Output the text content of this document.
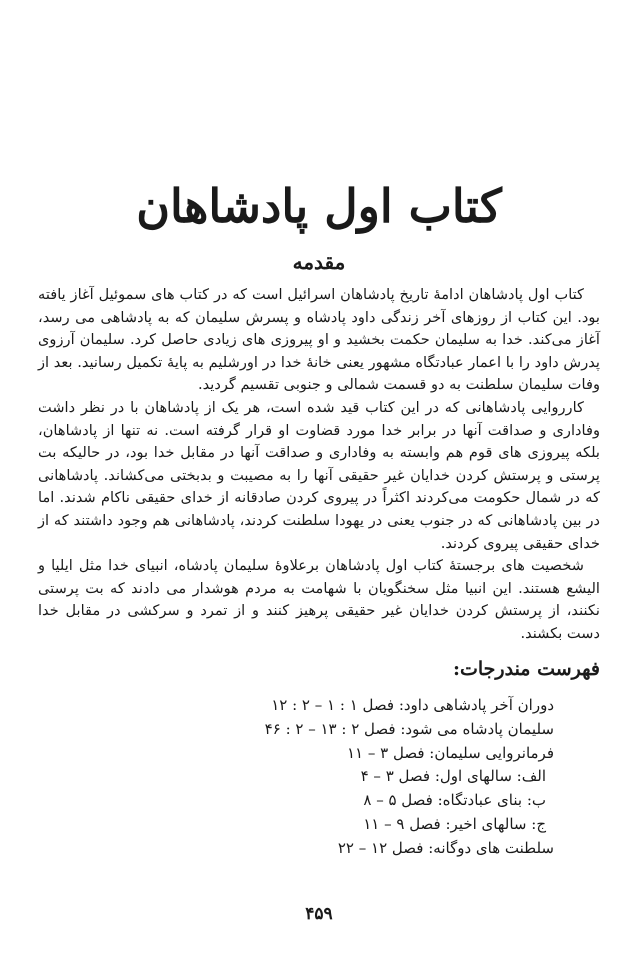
کتاب اول پادشاهان
مقدمه

کتاب اول پادشاهان ادامهٔ تاریخ پادشاهان اسرائیل است که در کتاب های سموئیل آغاز یافته بود. این کتاب از روزهای آخر زندگی داود پادشاه و پسرش سلیمان که به پادشاهی می رسد، آغاز می‌کند. خدا به سلیمان حکمت بخشید و او پیروزی های زیادی حاصل کرد. سلیمان آرزوی پدرش داود را با اعمار عبادتگاه مشهور یعنی خانهٔ خدا در اورشلیم به پایهٔ تکمیل رسانید. بعد از وفات سلیمان سلطنت به دو قسمت شمالی و جنوبی تقسیم گردید.

کارروایی پادشاهانی که در این کتاب قید شده است، هر یک از پادشاهان با در نظر داشت وفاداری و صداقت آنها در برابر خدا مورد قضاوت او قرار گرفته است. نه تنها از پادشاهان، بلکه پیروزی های قوم هم وابسته به وفاداری و صداقت آنها در مقابل خدا بود، در حالیکه بت پرستی و پرستش کردن خدایان غیر حقیقی آنها را به مصیبت و بدبختی می‌کشاند. پادشاهانی که در شمال حکومت می‌کردند اکثراً در پیروی کردن صادقانه از خدای حقیقی ناکام شدند. اما در بین پادشاهانی که در جنوب یعنی در یهودا سلطنت کردند، پادشاهانی هم وجود داشتند که از خدای حقیقی پیروی کردند.

شخصیت های برجستهٔ کتاب اول پادشاهان برعلاوهٔ سلیمان پادشاه، انبیای خدا مثل ایلیا و الیشع هستند. این انبیا مثل سخنگویان با شهامت به مردم هوشدار می دادند که بت پرستی نکنند، از پرستش کردن خدایان غیر حقیقی پرهیز کنند و از تمرد و سرکشی در مقابل خدا دست بکشند.

فهرست مندرجات:
دوران آخر پادشاهی داود: فصل ۱ : ۱ – ۲ : ۱۲
سلیمان پادشاه می شود: فصل ۲ : ۱۳ – ۲ : ۴۶
فرمانروایی سلیمان: فصل ۳ – ۱۱
الف: سالهای اول: فصل ۳ – ۴
ب: بنای عبادتگاه: فصل ۵ – ۸
ج: سالهای اخیر: فصل ۹ – ۱۱
سلطنت های دوگانه: فصل ۱۲ – ۲۲
۴۵۹
